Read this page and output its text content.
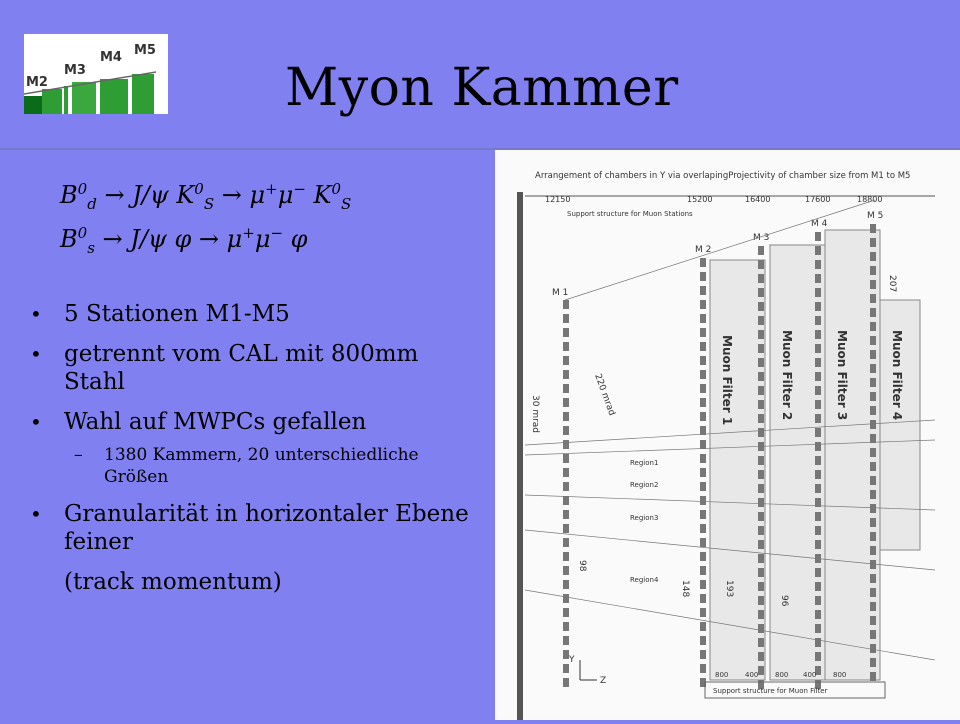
M2
M3
M4 M5
Myon Kammer
$B^0_d \to J/\psi$ $K^0_S \to \mu^+\mu^-$ $K^0_S$
$B^0_s \to J/\psi$ φ → μ+μ− φ
• 5 Stationen M1-M5
• getrennt vom CAL mit 800mm Stahl
• Wahl auf MWPCs gefallen
– 1380 Kammern, 20 unterschiedliche Größen
• Granularität in horizontaler Ebene feiner
(track momentum)
Arrangement of chambers in Y via overlapingProjectivity of chamber size from M1 to M5
12150	15200	16400	17600	18800
Support structure for Muon Stations
Muon Filter 1	Muon Filter 2	Muon Filter 3	Muon Filter 4
M 1
M 2
M 3
M 4
M 5
Region1
Region2
Region3
Region4
30 mrad	220 mrad
207
98
148	193
96
800 400 800 400 800
Support structure for Muon Filter
Y
Z
